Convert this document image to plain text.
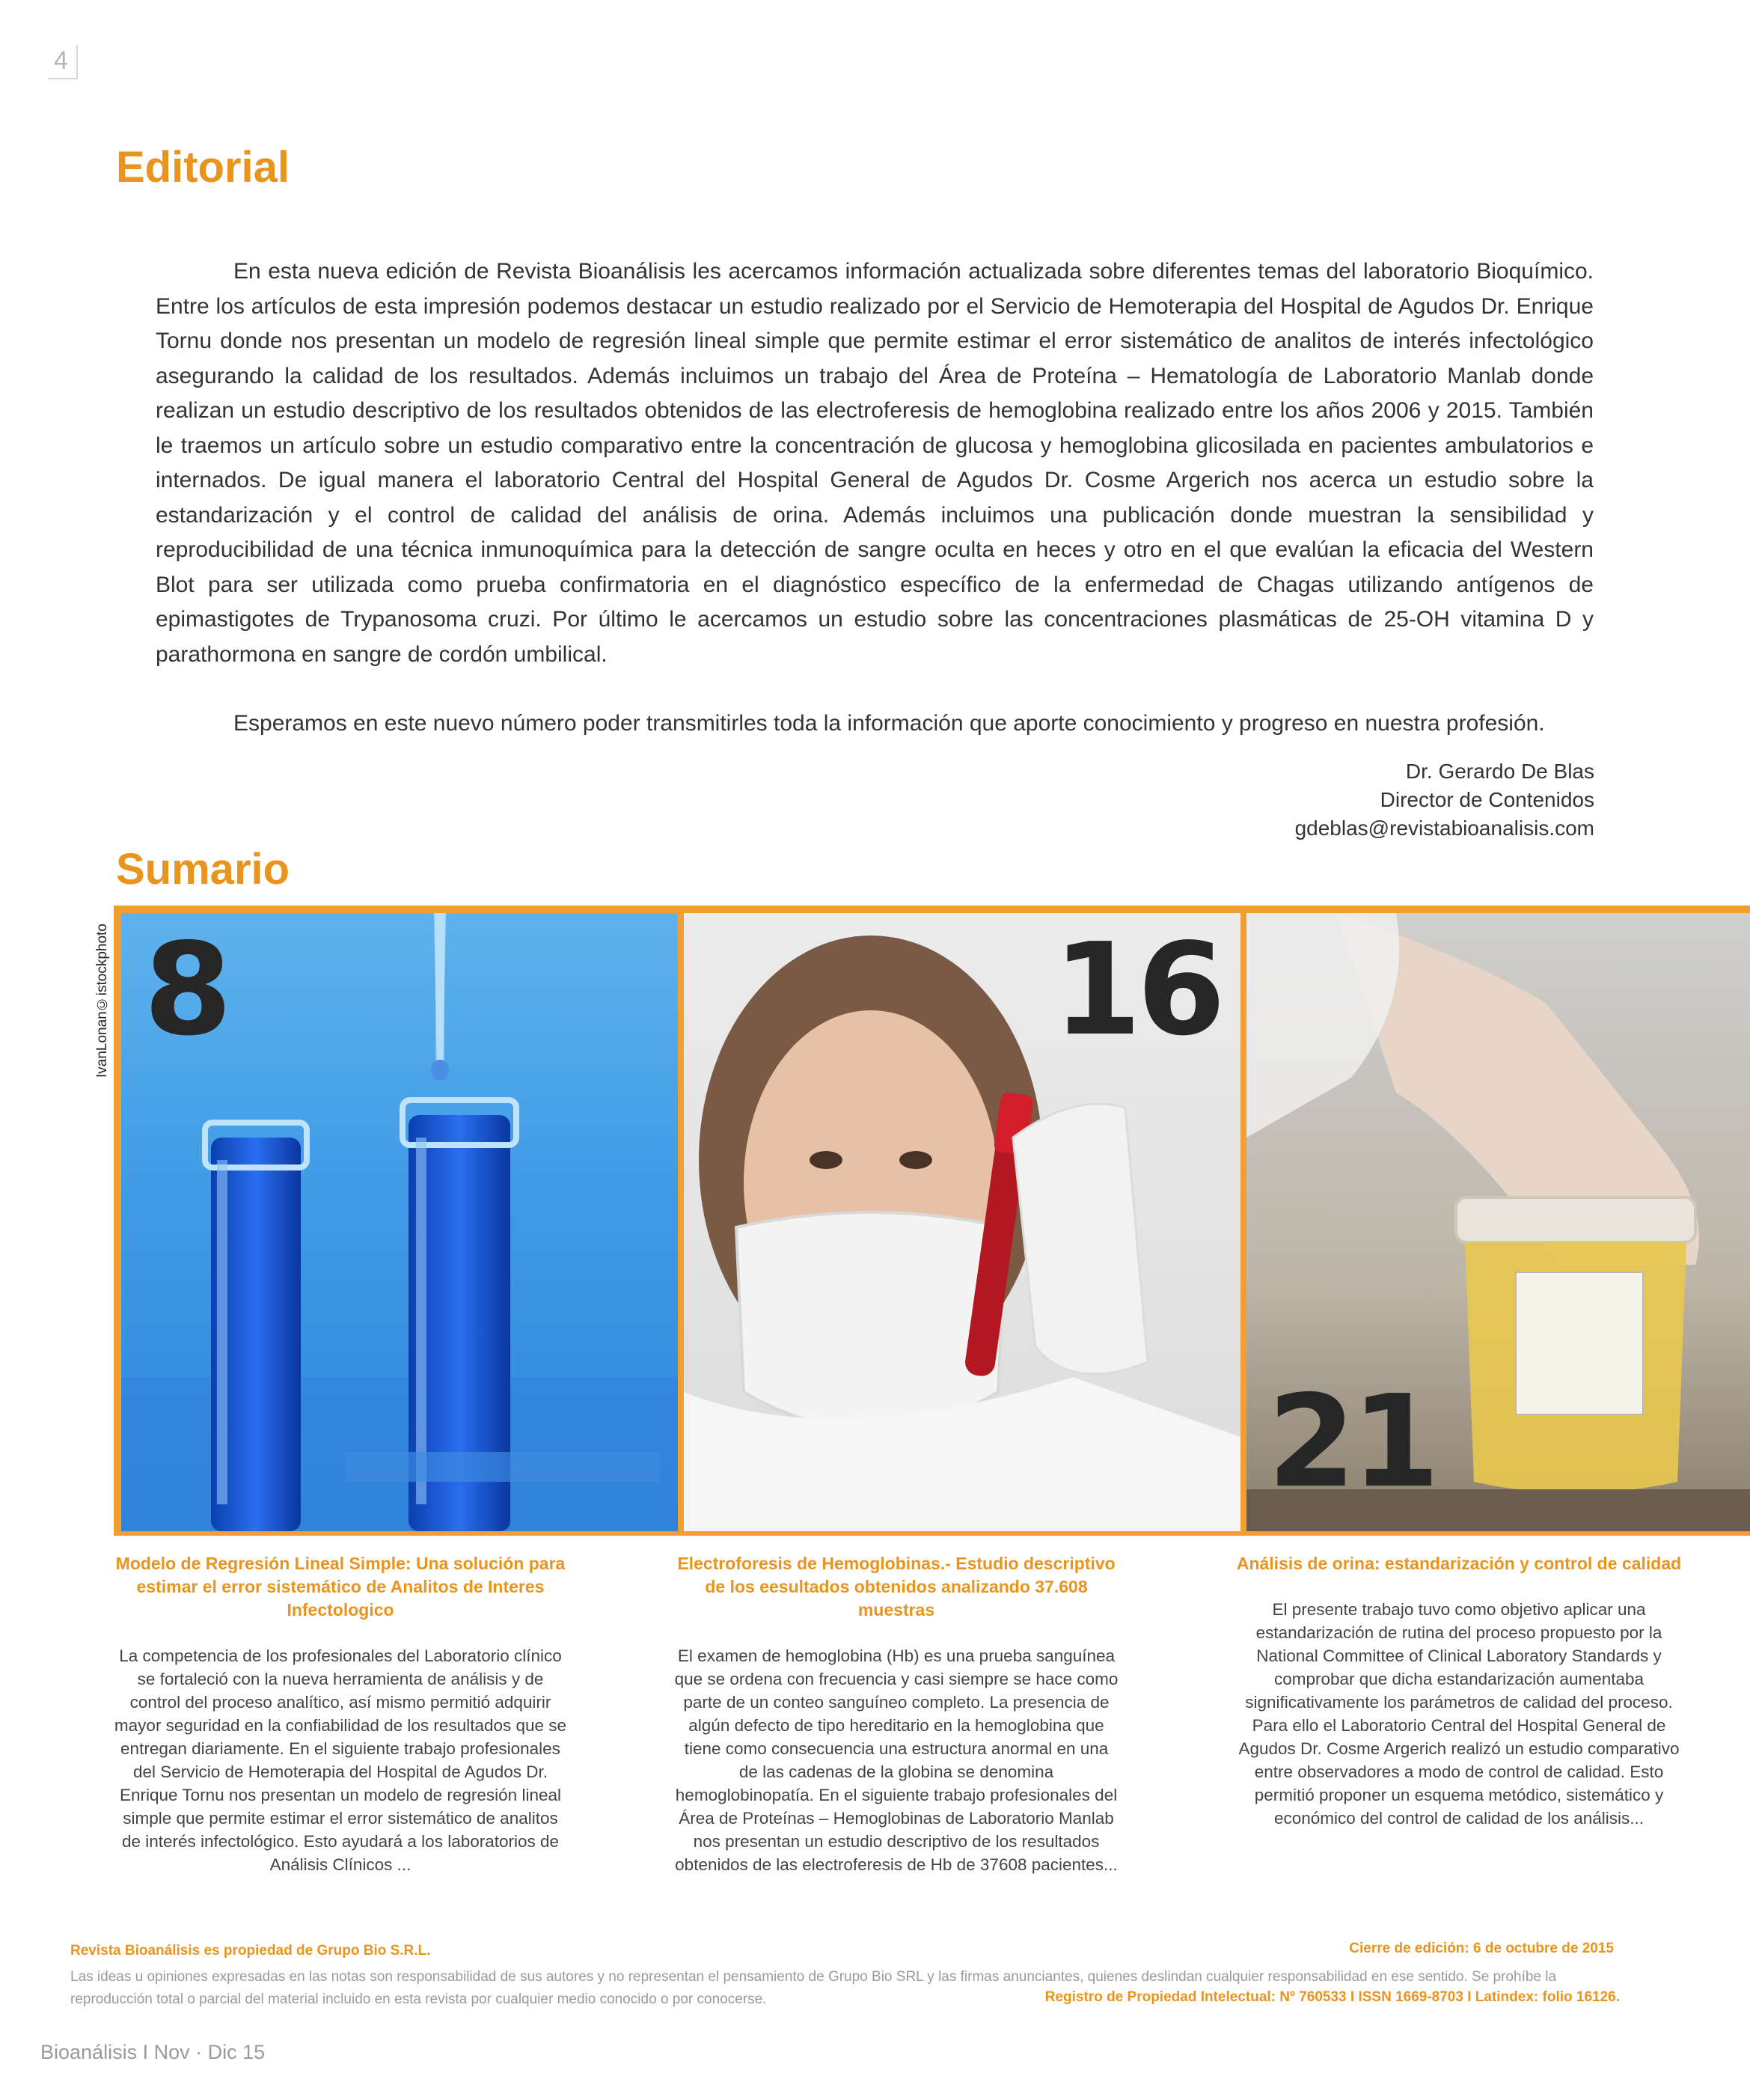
4
Editorial

En esta nueva edición de Revista Bioanálisis les acercamos información actualizada sobre diferentes temas del laboratorio Bioquímico. Entre los artículos de esta impresión podemos destacar un estudio realizado por el Servicio de Hemoterapia del Hospital de Agudos Dr. Enrique Tornu donde nos presentan un modelo de regresión lineal simple que permite estimar el error sistemático de analitos de interés infectológico asegurando la calidad de los resultados. Además incluimos un trabajo del Área de Proteína – Hematología de Laboratorio Manlab donde realizan un estudio descriptivo de los resultados obtenidos de las electroferesis de hemoglobina realizado entre los años 2006 y 2015. También le traemos un artículo sobre un estudio comparativo entre la concentración de glucosa y hemoglobina glicosilada en pacientes ambulatorios e internados. De igual manera el laboratorio Central del Hospital General de Agudos Dr. Cosme Argerich nos acerca un estudio sobre la estandarización y el control de calidad del análisis de orina. Además incluimos una publicación donde muestran la sensibilidad y reproducibilidad de una técnica inmunoquímica para la detección de sangre oculta en heces y otro en el que evalúan la eficacia del Western Blot para ser utilizada como prueba confirmatoria en el diagnóstico específico de la enfermedad de Chagas utilizando antígenos de epimastigotes de Trypanosoma cruzi. Por último le acercamos un estudio sobre las concentraciones plasmáticas de 25-OH vitamina D y parathormona en sangre de cordón umbilical.

Esperamos en este nuevo número poder transmitirles toda la información que aporte conocimiento y progreso en nuestra profesión.

Dr. Gerardo De Blas
Director de Contenidos
gdeblas@revistabioanalisis.com
Sumario
IvanLonan©istockphoto 8	16
21
Modelo de Regresión Lineal Simple: Una solución para estimar el error sistemático de Analitos de Interes Infectologico

La competencia de los profesionales del Laboratorio clínico se fortaleció con la nueva herramienta de análisis y de control del proceso analítico, así mismo permitió adquirir mayor seguridad en la confiabilidad de los resultados que se entregan diariamente. En el siguiente trabajo profesionales del Servicio de Hemoterapia del Hospital de Agudos Dr. Enrique Tornu nos presentan un modelo de regresión lineal simple que permite estimar el error sistemático de analitos de interés infectológico. Esto ayudará a los laboratorios de Análisis Clínicos ...

Electroforesis de Hemoglobinas.- Estudio descriptivo de los eesultados obtenidos analizando 37.608 muestras

El examen de hemoglobina (Hb) es una prueba sanguínea que se ordena con frecuencia y casi siempre se hace como parte de un conteo sanguíneo completo. La presencia de algún defecto de tipo hereditario en la hemoglobina que tiene como consecuencia una estructura anormal en una de las cadenas de la globina se denomina hemoglobinopatía. En el siguiente trabajo profesionales del Área de Proteínas – Hemoglobinas de Laboratorio Manlab nos presentan un estudio descriptivo de los resultados obtenidos de las electroferesis de Hb de 37608 pacientes...

Análisis de orina: estandarización y control de calidad

El presente trabajo tuvo como objetivo aplicar una estandarización de rutina del proceso propuesto por la National Committee of Clinical Laboratory Standards y comprobar que dicha estandarización aumentaba significativamente los parámetros de calidad del proceso. Para ello el Laboratorio Central del Hospital General de Agudos Dr. Cosme Argerich realizó un estudio comparativo entre observadores a modo de control de calidad. Esto permitió proponer un esquema metódico, sistemático y económico del control de calidad de los análisis...

Revista Bioanálisis es propiedad de Grupo Bio S.R.L.	Cierre de edición: 6 de octubre de 2015
Las ideas u opiniones expresadas en las notas son responsabilidad de sus autores y no representan el pensamiento de Grupo Bio SRL y las firmas anunciantes, quienes deslindan cualquier responsabilidad en ese sentido. Se prohíbe la reproducción total o parcial del material incluido en esta revista por cualquier medio conocido o por conocerse.	Registro de Propiedad Intelectual: Nº 760533 I ISSN 1669-8703 I Latindex: folio 16126.
Bioanálisis I Nov · Dic 15
